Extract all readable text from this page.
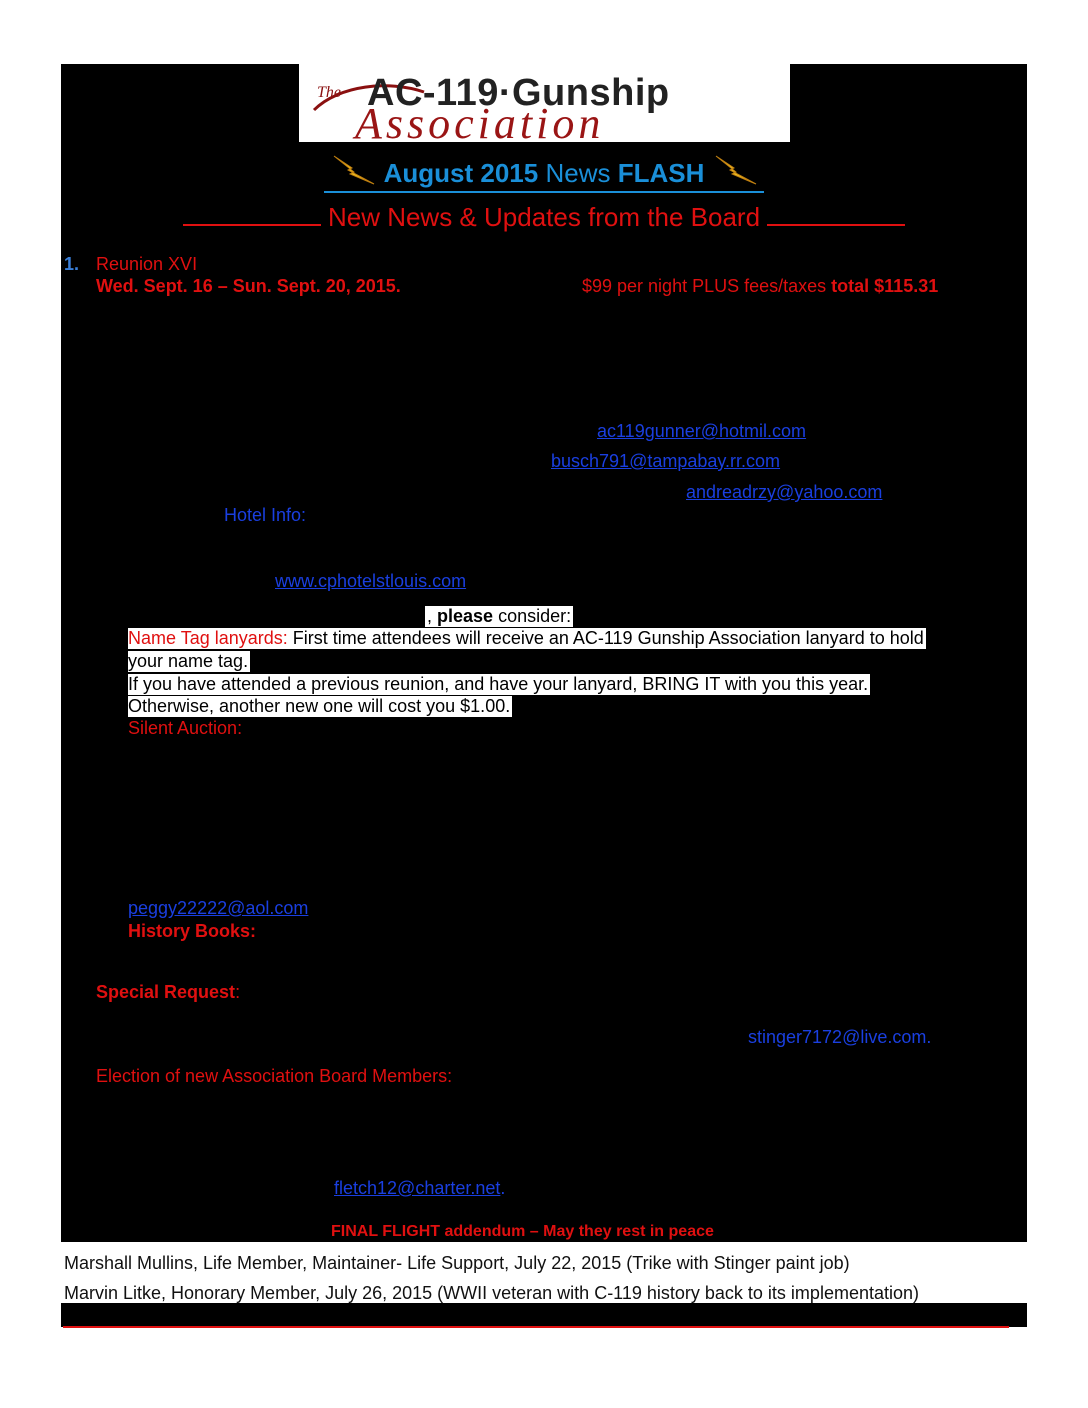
The AC-119·Gunship
Association
August 2015 News FLASH
New News & Updates from the Board
1. Reunion XVI
Wed. Sept. 16 – Sun. Sept. 20, 2015.	$99 per night PLUS fees/taxes total $115.31
ac119gunner@hotmil.com
busch791@tampabay.rr.com
andreadrzy@yahoo.com
Hotel Info:
www.cphotelstlouis.com
, please consider:
Name Tag lanyards: First time attendees will receive an AC-119 Gunship Association lanyard to hold
your name tag.
If you have attended a previous reunion, and have your lanyard, BRING IT with you this year.
Otherwise, another new one will cost you $1.00.
Silent Auction:
peggy22222@aol.com
History Books:
Special Request:
stinger7172@live.com.
Election of new Association Board Members:
fletch12@charter.net.
FINAL FLIGHT addendum – May they rest in peace
Marshall Mullins, Life Member, Maintainer- Life Support, July 22, 2015 (Trike with Stinger paint job)
Marvin Litke, Honorary Member, July 26, 2015 (WWII veteran with C-119 history back to its implementation)
